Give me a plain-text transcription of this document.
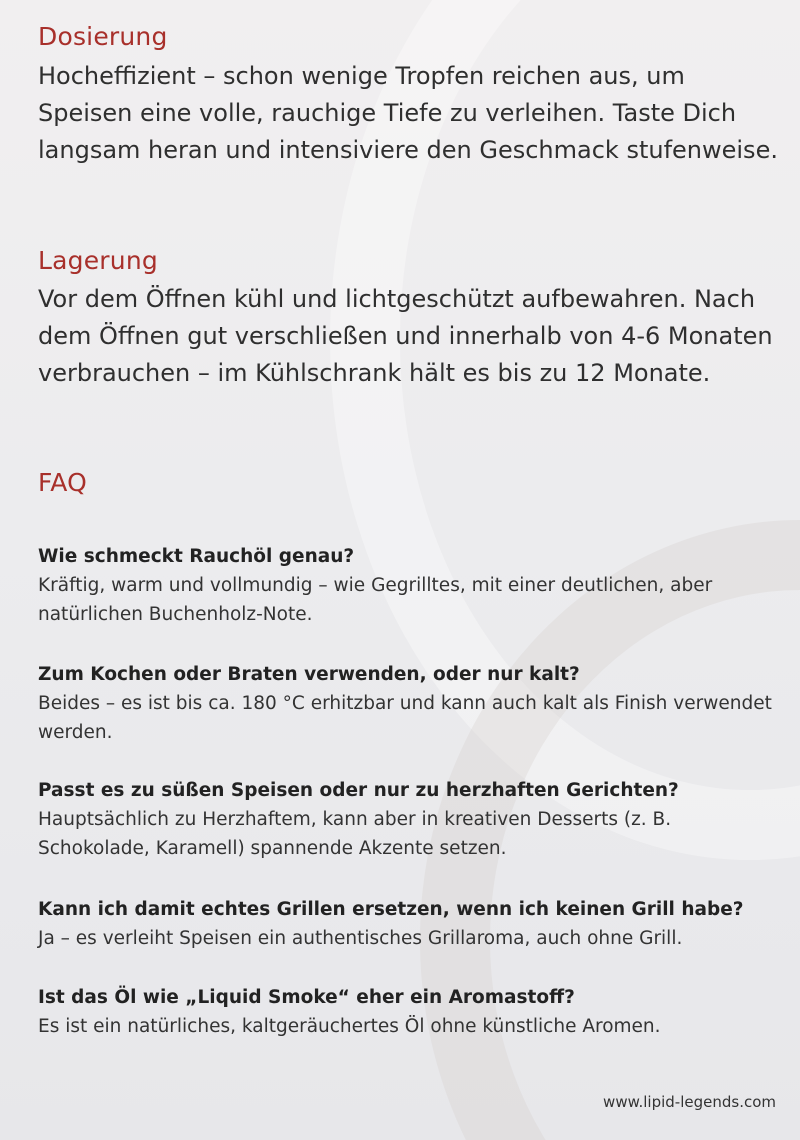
Dosierung

Hocheffizient – schon wenige Tropfen reichen aus, um Speisen eine volle, rauchige Tiefe zu verleihen. Taste Dich langsam heran und intensiviere den Geschmack stufenweise.

Lagerung

Vor dem Öffnen kühl und lichtgeschützt aufbewahren. Nach dem Öffnen gut verschließen und innerhalb von 4-6 Monaten verbrauchen – im Kühlschrank hält es bis zu 12 Monate.

FAQ

Wie schmeckt Rauchöl genau?

Kräftig, warm und vollmundig – wie Gegrilltes, mit einer deutlichen, aber natürlichen Buchenholz-Note.

Zum Kochen oder Braten verwenden, oder nur kalt?

Beides – es ist bis ca. 180 °C erhitzbar und kann auch kalt als Finish verwendet werden.

Passt es zu süßen Speisen oder nur zu herzhaften Gerichten?

Hauptsächlich zu Herzhaftem, kann aber in kreativen Desserts (z. B. Schokolade, Karamell) spannende Akzente setzen.

Kann ich damit echtes Grillen ersetzen, wenn ich keinen Grill habe?

Ja – es verleiht Speisen ein authentisches Grillaroma, auch ohne Grill.

Ist das Öl wie „Liquid Smoke“ eher ein Aromastoff?

Es ist ein natürliches, kaltgeräuchertes Öl ohne künstliche Aromen.

www.lipid-legends.com
